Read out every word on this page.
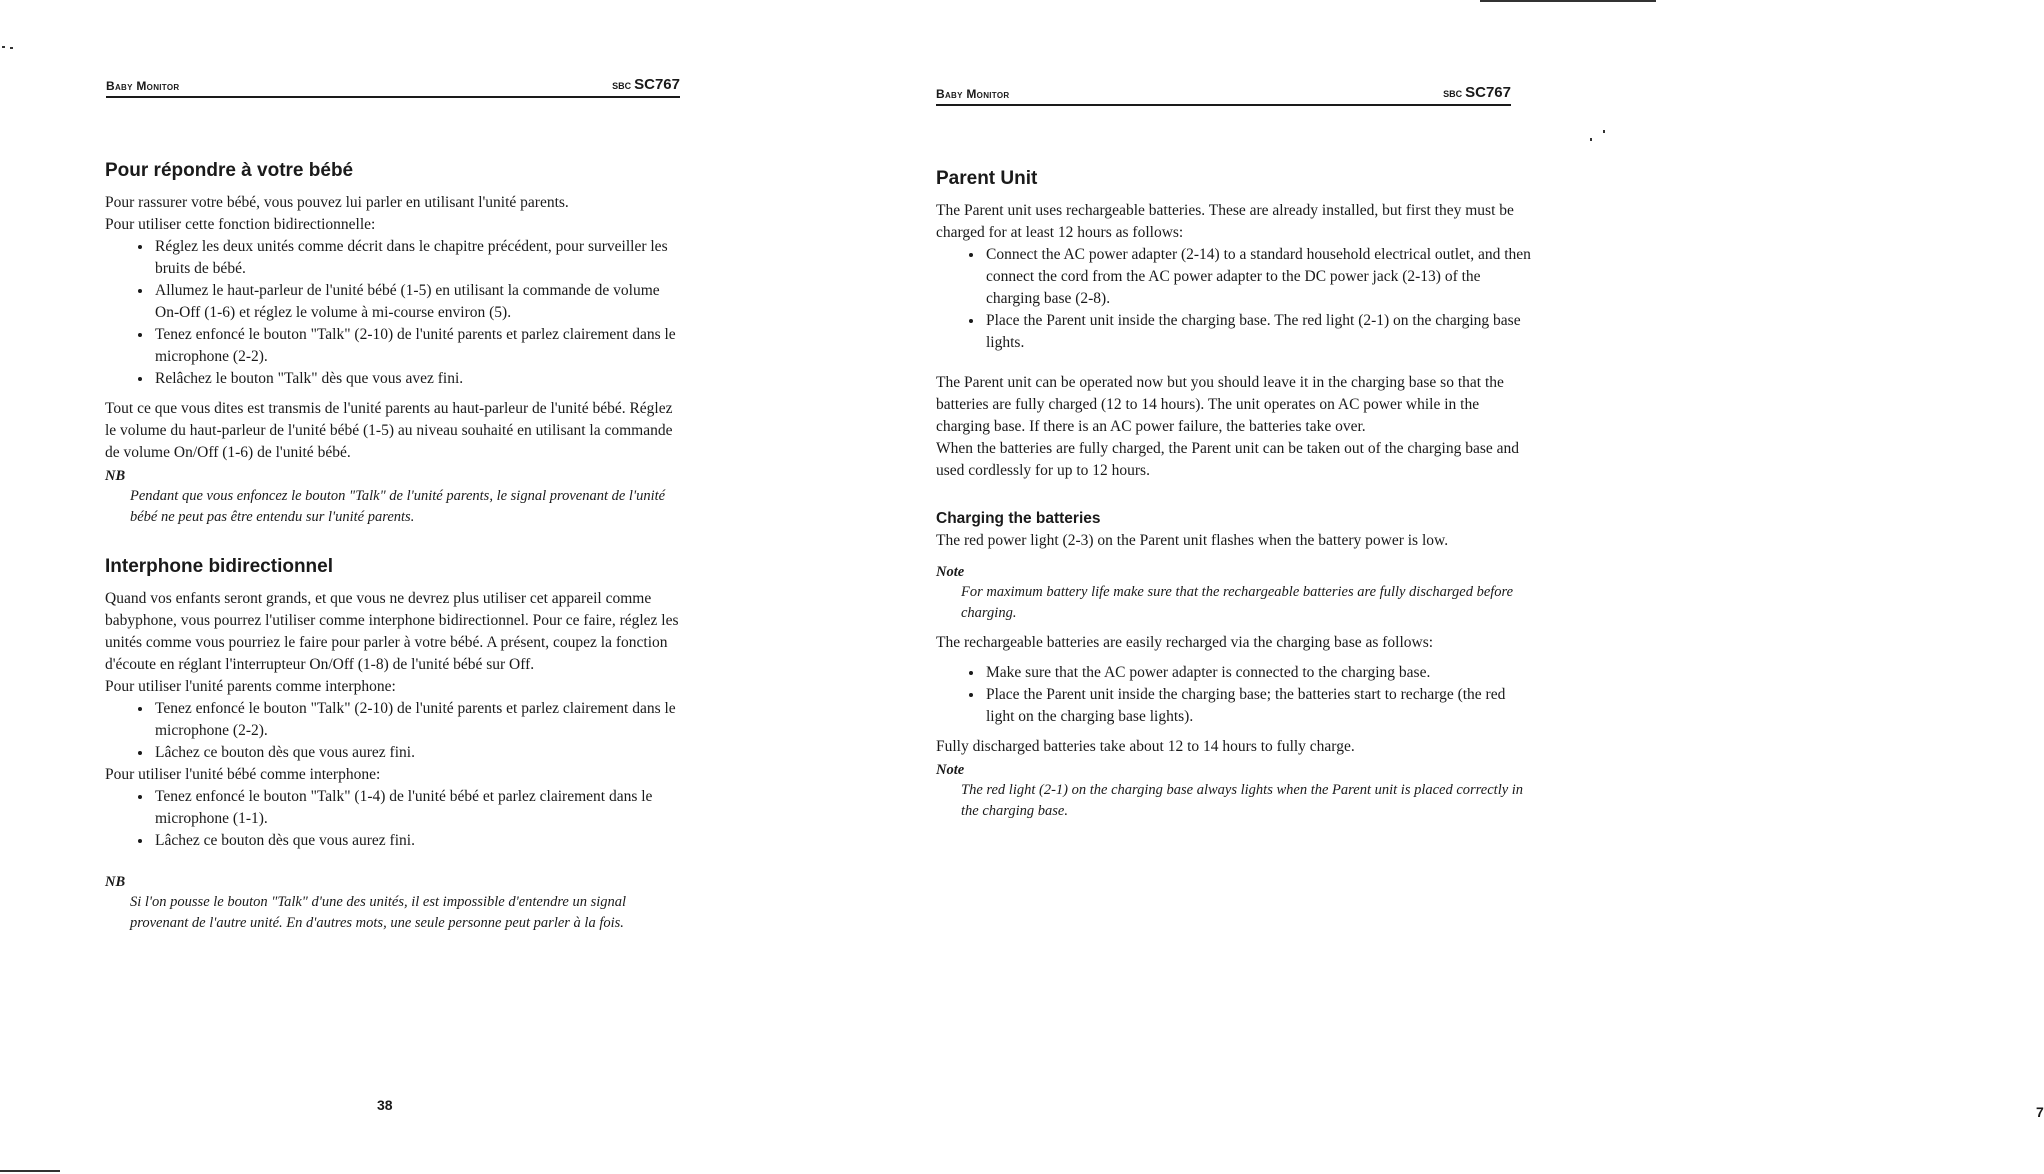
Baby Monitor	SBC SC767
Pour répondre à votre bébé

Pour rassurer votre bébé, vous pouvez lui parler en utilisant l'unité parents.

Pour utiliser cette fonction bidirectionnelle:

• Réglez les deux unités comme décrit dans le chapitre précédent, pour surveiller les bruits de bébé.
• Allumez le haut-parleur de l'unité bébé (1-5) en utilisant la commande de volume On-Off (1-6) et réglez le volume à mi-course environ (5).
• Tenez enfoncé le bouton "Talk" (2-10) de l'unité parents et parlez clairement dans le microphone (2-2).
• Relâchez le bouton "Talk" dès que vous avez fini.

Tout ce que vous dites est transmis de l'unité parents au haut-parleur de l'unité bébé. Réglez le volume du haut-parleur de l'unité bébé (1-5) au niveau souhaité en utilisant la commande de volume On/Off (1-6) de l'unité bébé.

NB

Pendant que vous enfoncez le bouton "Talk" de l'unité parents, le signal provenant de l'unité bébé ne peut pas être entendu sur l'unité parents.

Interphone bidirectionnel

Quand vos enfants seront grands, et que vous ne devrez plus utiliser cet appareil comme babyphone, vous pourrez l'utiliser comme interphone bidirectionnel. Pour ce faire, réglez les unités comme vous pourriez le faire pour parler à votre bébé. A présent, coupez la fonction d'écoute en réglant l'interrupteur On/Off (1-8) de l'unité bébé sur Off.

Pour utiliser l'unité parents comme interphone:

• Tenez enfoncé le bouton "Talk" (2-10) de l'unité parents et parlez clairement dans le microphone (2-2).
• Lâchez ce bouton dès que vous aurez fini.

Pour utiliser l'unité bébé comme interphone:

• Tenez enfoncé le bouton "Talk" (1-4) de l'unité bébé et parlez clairement dans le microphone (1-1).
• Lâchez ce bouton dès que vous aurez fini.

NB

Si l'on pousse le bouton "Talk" d'une des unités, il est impossible d'entendre un signal provenant de l'autre unité. En d'autres mots, une seule personne peut parler à la fois.

38
Baby Monitor	SBC SC767
Parent Unit

The Parent unit uses rechargeable batteries. These are already installed, but first they must be charged for at least 12 hours as follows:

• Connect the AC power adapter (2-14) to a standard household electrical outlet, and then connect the cord from the AC power adapter to the DC power jack (2-13) of the charging base (2-8).
• Place the Parent unit inside the charging base. The red light (2-1) on the charging base lights.

The Parent unit can be operated now but you should leave it in the charging base so that the batteries are fully charged (12 to 14 hours). The unit operates on AC power while in the charging base. If there is an AC power failure, the batteries take over.

When the batteries are fully charged, the Parent unit can be taken out of the charging base and used cordlessly for up to 12 hours.

Charging the batteries

The red power light (2-3) on the Parent unit flashes when the battery power is low.

Note

For maximum battery life make sure that the rechargeable batteries are fully discharged before charging.

The rechargeable batteries are easily recharged via the charging base as follows:

• Make sure that the AC power adapter is connected to the charging base.
• Place the Parent unit inside the charging base; the batteries start to recharge (the red light on the charging base lights).

Fully discharged batteries take about 12 to 14 hours to fully charge.

Note

The red light (2-1) on the charging base always lights when the Parent unit is placed correctly in the charging base.

7
